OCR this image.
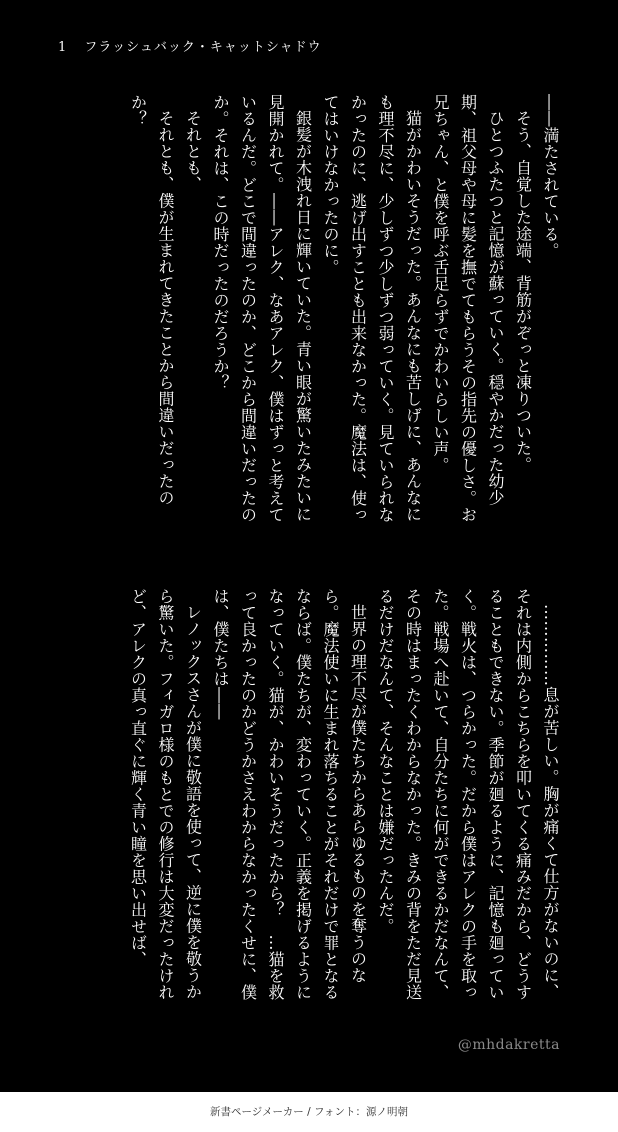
1 フラッシュバック・キャットシャドウ

――満たされている。

そう、自覚した途端、背筋がぞっと凍りついた。

ひとつふたつと記憶が蘇っていく。穏やかだった幼少期、祖父母や母に髪を撫でてもらうその指先の優しさ。お兄ちゃん、と僕を呼ぶ舌足らずでかわいらしい声。

猫がかわいそうだった。あんなにも苦しげに、あんなにも理不尽に、少しずつ少しずつ弱っていく。見ていられなかったのに、逃げ出すことも出来なかった。魔法は、使ってはいけなかったのに。

銀髪が木洩れ日に輝いていた。青い眼が驚いたみたいに見開かれて。――アレク、なあアレク、僕はずっと考えているんだ。どこで間違ったのか、どこから間違いだったのか。それは、この時だったのだろうか？

それとも、

それとも、僕が生まれてきたことから間違いだったのか？

……………息が苦しい。胸が痛くて仕方がないのに、それは内側からこちらを叩いてくる痛みだから、どうすることもできない。季節が廻るように、記憶も廻っていく。戦火は、つらかった。だから僕はアレクの手を取った。戦場へ赴いて、自分たちに何ができるかだなんて、その時はまったくわからなかった。きみの背をただ見送るだけだなんて、そんなことは嫌だったんだ。

世界の理不尽が僕たちからあらゆるものを奪うのなら。魔法使いに生まれ落ちることがそれだけで罪となるならば。僕たちが、変わっていく。正義を掲げるようになっていく。猫が、かわいそうだったから？　…猫を救って良かったのかどうかさえわからなかったくせに、僕は、僕たちは――

レノックスさんが僕に敬語を使って、逆に僕を敬うから驚いた。フィガロ様のもとでの修行は大変だったけれど、アレクの真っ直ぐに輝く青い瞳を思い出せば、

@mhdakretta
新書ページメーカー / フォント：源ノ明朝
